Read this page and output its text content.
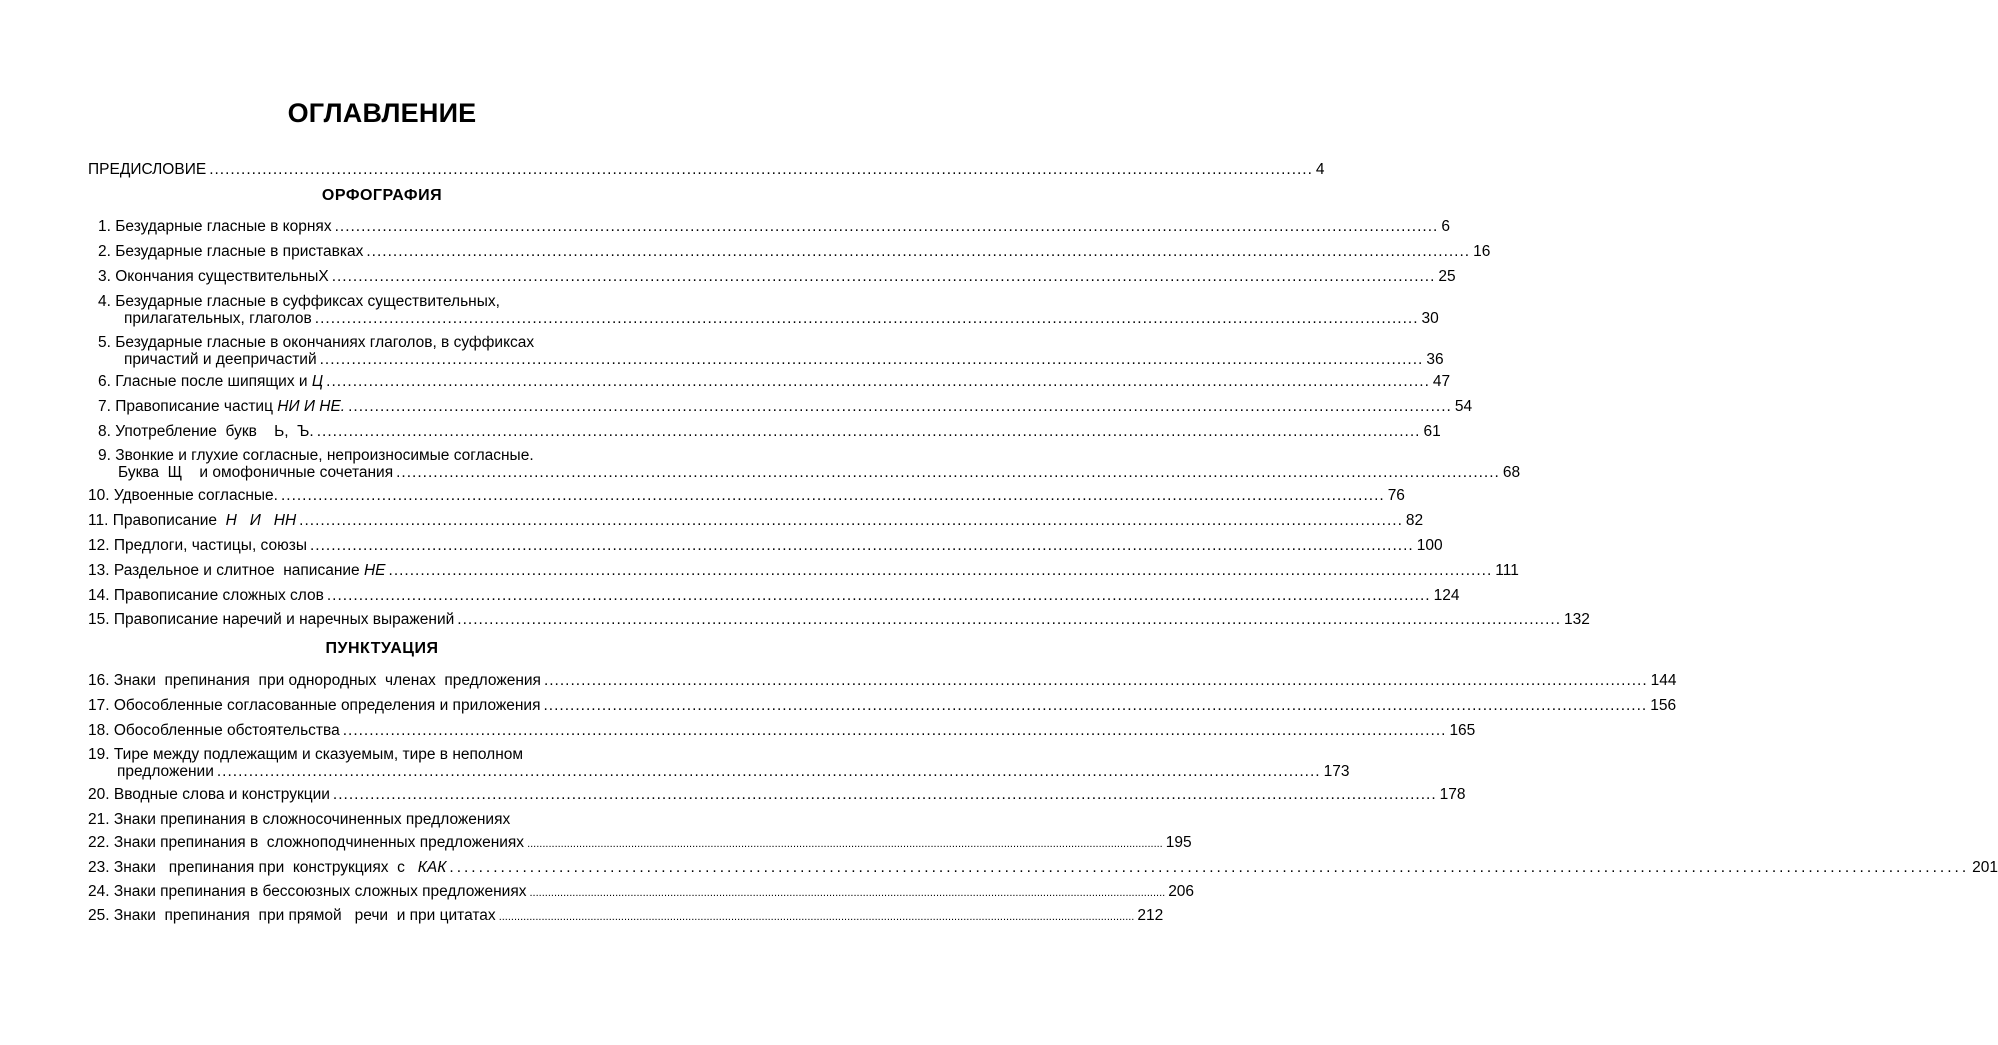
ОГЛАВЛЕНИЕ
ПРЕДИСЛОВИЕ .....	4
ОРФОГРАФИЯ
1. Безударные гласные в корнях .....	6
2. Безударные гласные в приставках .....	16
3. Окончания существительныХ .....	25
4. Безударные гласные в суффиксах существительных,
прилагательных, глаголов .....	30
5. Безударные гласные в окончаниях глаголов, в суффиксах
причастий и деепричастий .....	36
6. Гласные после шипящих и Ц .....	47
7. Правописание частиц НИ И НЕ. .....	54
8. Употребление  букв    Ь,  Ъ. .....	61
9. Звонкие и глухие согласные, непроизносимые согласные.
Буква  Щ    и омофоничные сочетания .....	68
10. Удвоенные согласные. .....	76
11. Правописание  Н   И   НН .....	82
12. Предлоги, частицы, союзы .....	100
13. Раздельное и слитное  написание НЕ .....	111
14. Правописание сложных слов .....	124
15. Правописание наречий и наречных выражений .....	132
ПУНКТУАЦИЯ
16. Знаки  препинания  при однородных  членах  предложения .....	144
17. Обособленные согласованные определения и приложения .....	156
18. Обособленные обстоятельства .....	165
19. Тире между подлежащим и сказуемым, тире в неполном
предложении .....	173
20. Вводные слова и конструкции .....	178
21. Знаки препинания в сложносочиненных предложениях
22. Знаки препинания в  сложноподчиненных предложениях .....	195
23. Знаки   препинания при  конструкциях  с   КАК .....	201
24. Знаки препинания в бессоюзных сложных предложениях .....	206
25. Знаки  препинания  при прямой   речи  и при цитатах .....	212
